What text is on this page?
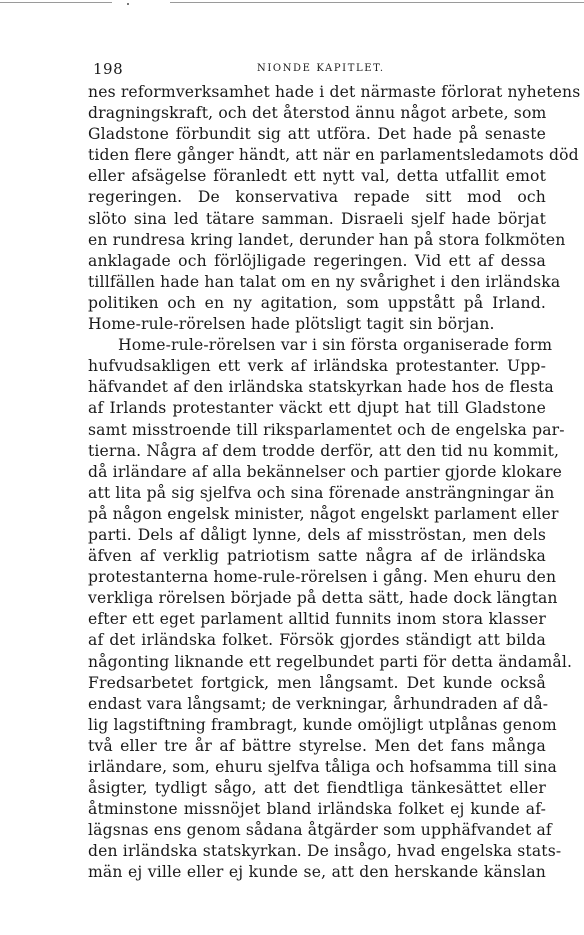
198	NIONDE KAPITLET.
nes reformverksamhet hade i det närmaste förlorat nyhetens
dragningskraft, och det återstod ännu något arbete, som
Gladstone förbundit sig att utföra. Det hade på senaste
tiden flere gånger händt, att när en parlamentsledamots död
eller afsägelse föranledt ett nytt val, detta utfallit emot
regeringen. De konservativa repade sitt mod och
slöto sina led tätare samman. Disraeli sjelf hade börjat
en rundresa kring landet, derunder han på stora folkmöten
anklagade och förlöjligade regeringen. Vid ett af dessa
tillfällen hade han talat om en ny svårighet i den irländska
politiken och en ny agitation, som uppstått på Irland.
Home-rule-rörelsen hade plötsligt tagit sin början.
Home-rule-rörelsen var i sin första organiserade form
hufvudsakligen ett verk af irländska protestanter. Upp-
häfvandet af den irländska statskyrkan hade hos de flesta
af Irlands protestanter väckt ett djupt hat till Gladstone
samt misstroende till riksparlamentet och de engelska par-
tierna. Några af dem trodde derför, att den tid nu kommit,
då irländare af alla bekännelser och partier gjorde klokare
att lita på sig sjelfva och sina förenade ansträngningar än
på någon engelsk minister, något engelskt parlament eller
parti. Dels af dåligt lynne, dels af misströstan, men dels
äfven af verklig patriotism satte några af de irländska
protestanterna home-rule-rörelsen i gång. Men ehuru den
verkliga rörelsen började på detta sätt, hade dock längtan
efter ett eget parlament alltid funnits inom stora klasser
af det irländska folket. Försök gjordes ständigt att bilda
någonting liknande ett regelbundet parti för detta ändamål.
Fredsarbetet fortgick, men långsamt. Det kunde också
endast vara långsamt; de verkningar, århundraden af då-
lig lagstiftning frambragt, kunde omöjligt utplånas genom
två eller tre år af bättre styrelse. Men det fans många
irländare, som, ehuru sjelfva tåliga och hofsamma till sina
åsigter, tydligt sågo, att det fiendtliga tänkesättet eller
åtminstone missnöjet bland irländska folket ej kunde af-
lägsnas ens genom sådana åtgärder som upphäfvandet af
den irländska statskyrkan. De insågo, hvad engelska stats-
män ej ville eller ej kunde se, att den herskande känslan
